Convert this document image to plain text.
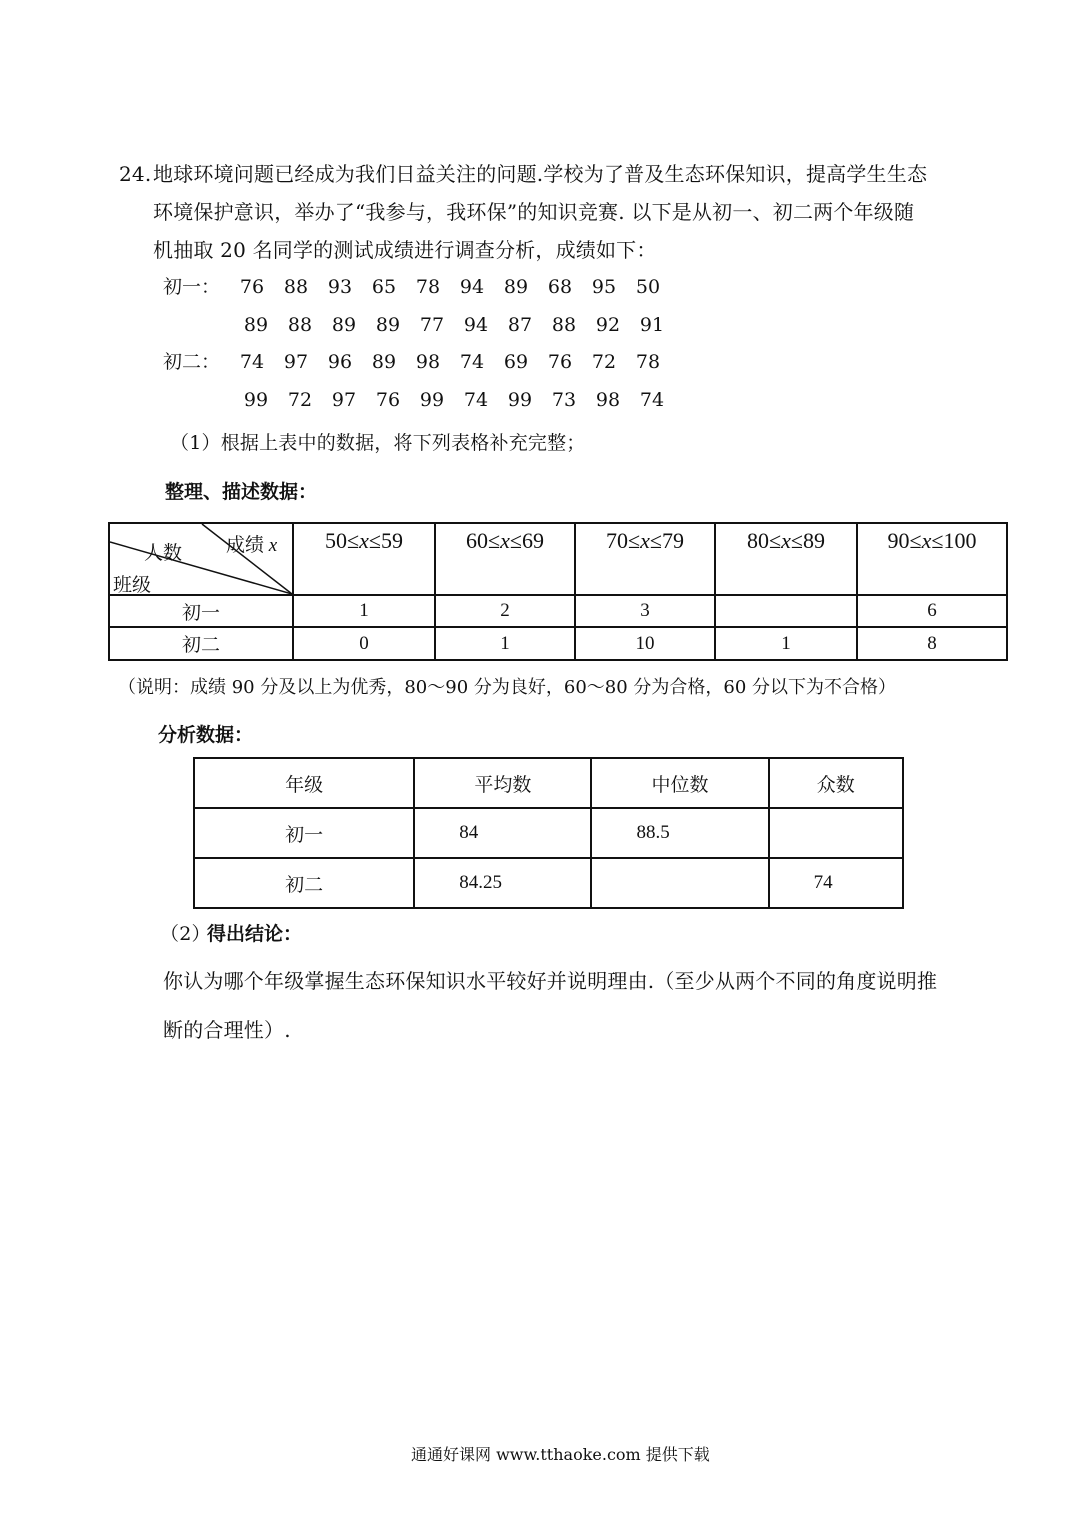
24. 地球环境问题已经成为我们日益关注的问题.学校为了普及生态环保知识，提高学生生态
环境保护意识，举办了“我参与，我环保”的知识竞赛. 以下是从初一、初二两个年级随
机抽取 20 名同学的测试成绩进行调查分析，成绩如下：
初一：	76	88	93	65	78	94	89	68	95	50
89	88	89	89	77	94	87	88	92	91
初二：	74	97	96	89	98	74	69	76	72	78
99	72	97	76	99	74	99	73	98	74
（1）根据上表中的数据，将下列表格补充完整；
整理、描述数据：
成绩 x
人数
班级	50≤x≤59	60≤x≤69	70≤x≤79	80≤x≤89	90≤x≤100
初一	1	2	3		6
初二	0	1	10	1	8
（说明：成绩 90 分及以上为优秀，80～90 分为良好，60～80 分为合格，60 分以下为不合格）
分析数据：
年级	平均数	中位数	众数
初一	84	88.5	
初二	84.25		74
（2）
得出结论：
你认为哪个年级掌握生态环保知识水平较好并说明理由.（至少从两个不同的角度说明推
断的合理性）.
通通好课网 www.tthaoke.com 提供下载
